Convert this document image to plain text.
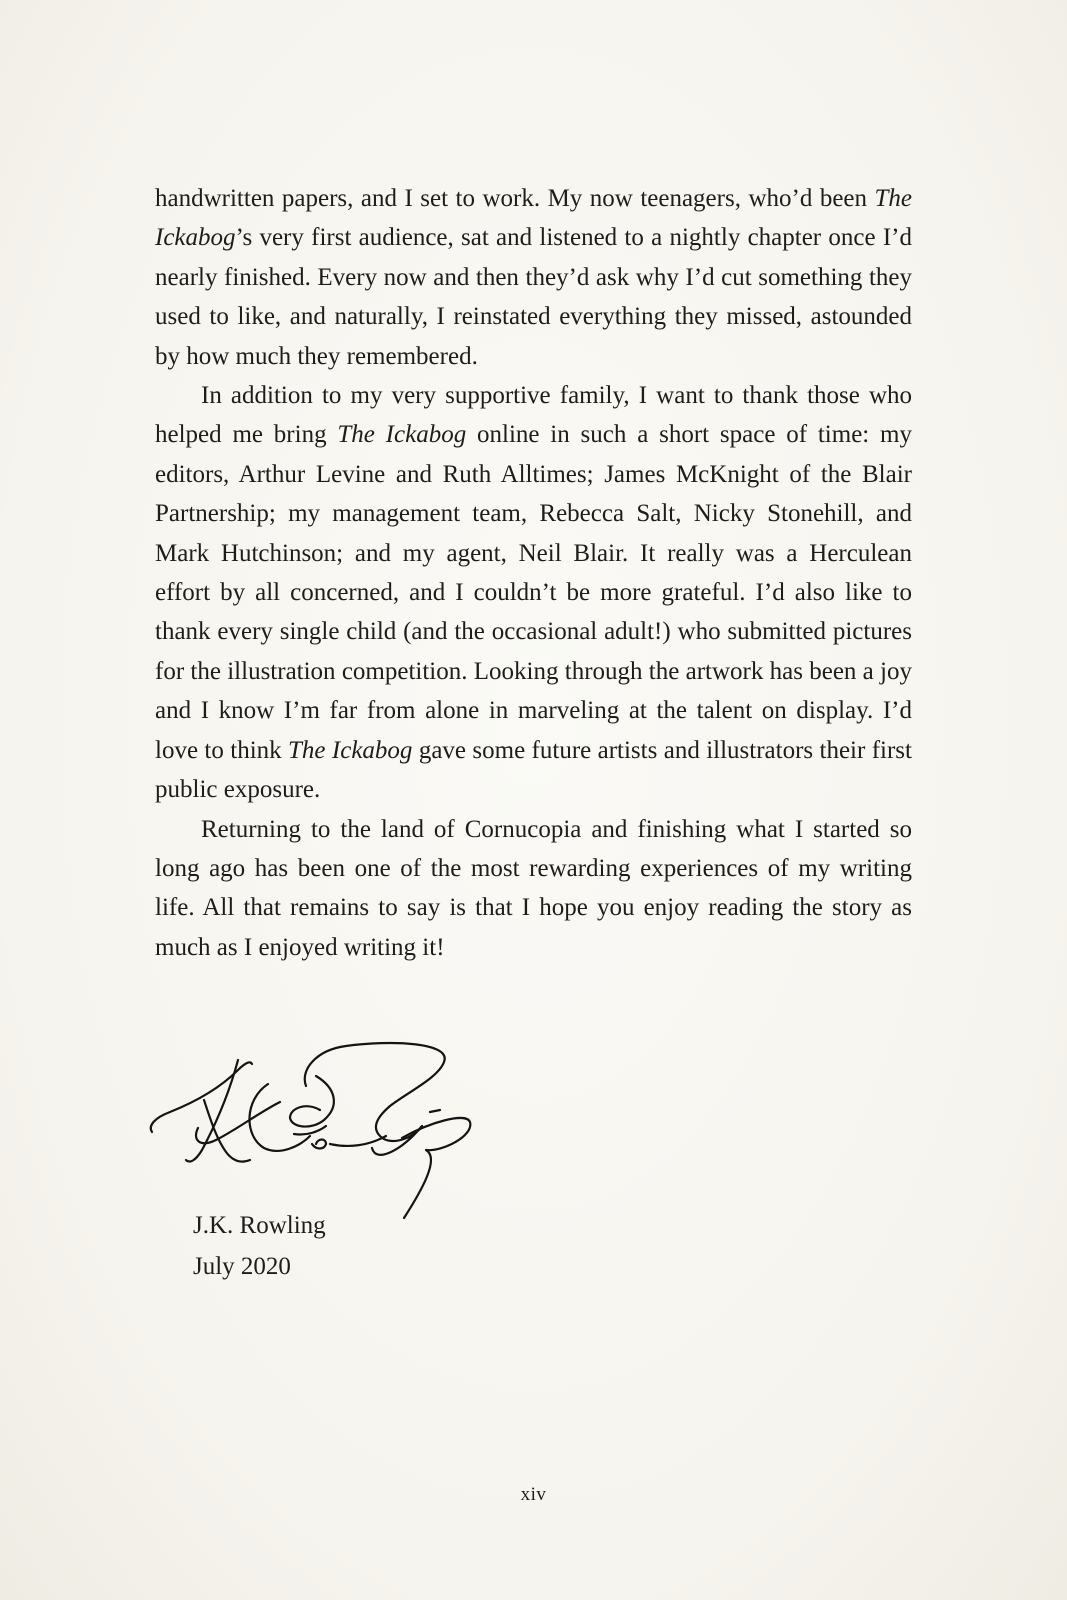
handwritten papers, and I set to work. My now teenagers, who’d been The Ickabog’s very first audience, sat and listened to a nightly chapter once I’d nearly finished. Every now and then they’d ask why I’d cut something they used to like, and naturally, I reinstated everything they missed, astounded by how much they remembered.

In addition to my very supportive family, I want to thank those who helped me bring The Ickabog online in such a short space of time: my editors, Arthur Levine and Ruth Alltimes; James McKnight of the Blair Partnership; my management team, Rebecca Salt, Nicky Stonehill, and Mark Hutchinson; and my agent, Neil Blair. It really was a Herculean effort by all concerned, and I couldn’t be more grateful. I’d also like to thank every single child (and the occasional adult!) who submitted pictures for the illustration competition. Looking through the artwork has been a joy and I know I’m far from alone in marveling at the talent on display. I’d love to think The Ickabog gave some future artists and illustrators their first public exposure.

Returning to the land of Cornucopia and finishing what I started so long ago has been one of the most rewarding experiences of my writing life. All that remains to say is that I hope you enjoy reading the story as much as I enjoyed writing it!

J.K. Rowling
July 2020
xiv
